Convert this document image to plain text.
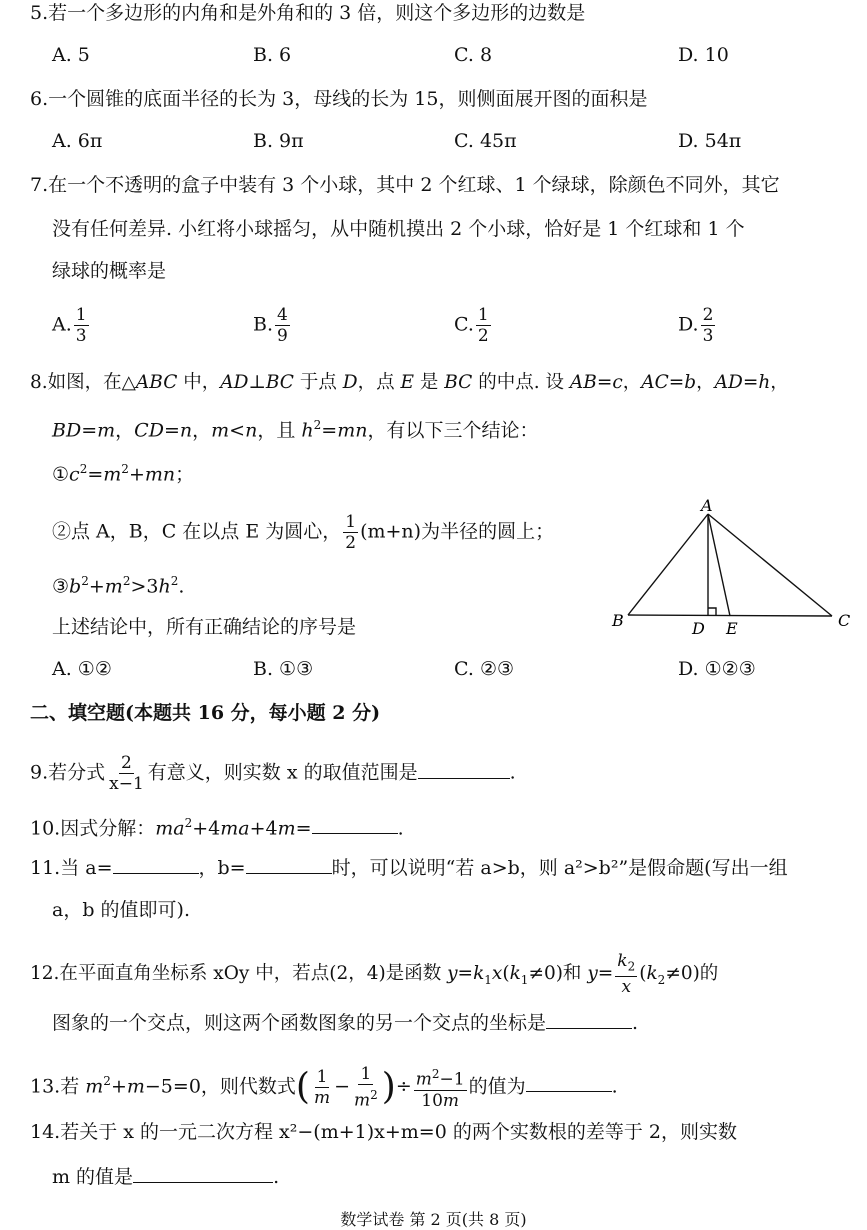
5.若一个多边形的内角和是外角和的 3 倍，则这个多边形的边数是
A. 5	B. 6	C. 8	D. 10
6.一个圆锥的底面半径的长为 3，母线的长为 15，则侧面展开图的面积是
A. 6π	B. 9π	C. 45π	D. 54π
7.在一个不透明的盒子中装有 3 个小球，其中 2 个红球、1 个绿球，除颜色不同外，其它
没有任何差异. 小红将小球摇匀，从中随机摸出 2 个小球，恰好是 1 个红球和 1 个
绿球的概率是
A. $\frac{1}{3}$	B. $\frac{4}{9}$	C. $\frac{1}{2}$	D. $\frac{2}{3}$
8.如图，在△ABC 中，AD⊥BC 于点 D，点 E 是 BC 的中点. 设 AB=c，AC=b，AD=h，
BD=m，CD=n，m<n，且 $h^2=mn$，有以下三个结论：
$①c^2=m^2+mn$；
②点 A，B，C 在以点 E 为圆心， $\frac{1}{2} (m+n)$为半径的圆上；
$③b^2+m^2>3h^2$.
上述结论中，所有正确结论的序号是
A. ①②	B. ①③	C. ②③	D. ①②③
A
B	C
D E
二、填空题(本题共 16 分，每小题 2 分)
9.若分式 $\frac{2}{x-1}$ 有意义，则实数 x 的取值范围是	.
10.因式分解：$ma^2+4ma+4m=$	.
11.当 a=	，b=	时，可以说明“若 a>b，则 a²>b²”是假命题(写出一组
a，b 的值即可).
12.在平面直角坐标系 xOy 中，若点(2，4)是函数 $y=k_1x(k_1\ne 0)$和 $y= \frac{k_2}{x} (k_2\ne 0)$的
图象的一个交点，则这两个函数图象的另一个交点的坐标是	.
13.若 $m^2+m-5=0$，则代数式( $\frac{1}{m} - \frac{1}{m^2}$ )÷ $\frac{m^2-1}{10m}$ 的值为	.
14.若关于 x 的一元二次方程 x²−(m+1)x+m=0 的两个实数根的差等于 2，则实数
m 的值是	.
数学试卷 第 2 页(共 8 页)
